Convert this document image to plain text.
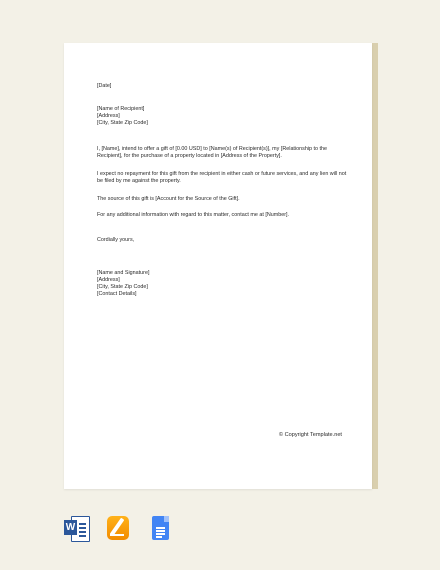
[Date]
[Name of Recipient]
[Address]
[City, State Zip Code]

I, [Name], intend to offer a gift of [0.00 USD] to [Name(s) of Recipient(s)], my [Relationship to the Recipient], for the purchase of a property located in [Address of the Property].

I expect no repayment for this gift from the recipient in either cash or future services, and any lien will not be filed by me against the property.

The source of this gift is [Account for the Source of the Gift].

For any additional information with regard to this matter, contact me at [Number].

Cordially yours,
[Name and Signature]
[Address]
[City, State Zip Code]
[Contact Details]
© Copyright Template.net
W
